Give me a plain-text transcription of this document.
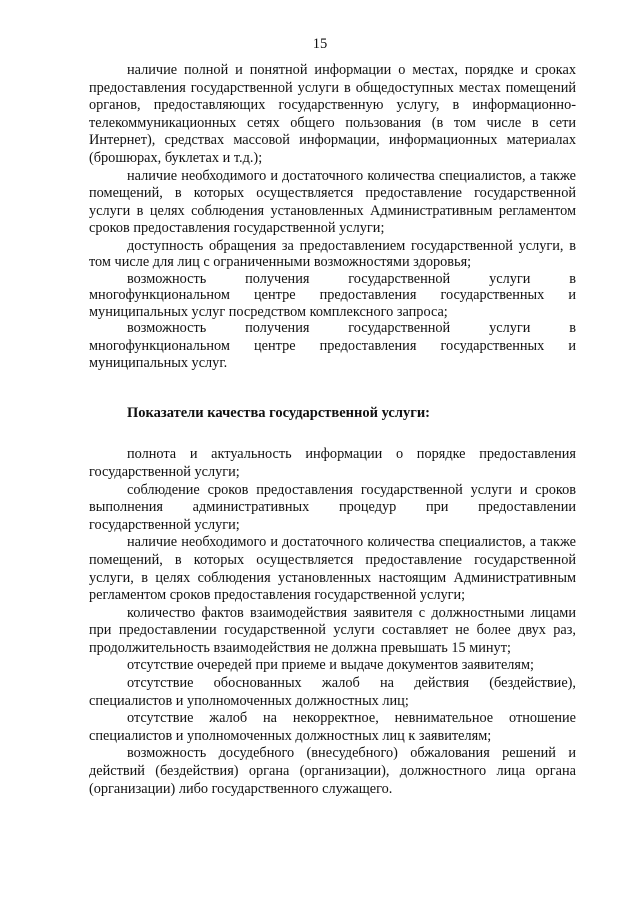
15

наличие полной и понятной информации о местах, порядке и сроках предоставления государственной услуги в общедоступных местах помещений органов, предоставляющих государственную услугу, в информационно-телекоммуникационных сетях общего пользования (в том числе в сети Интернет), средствах массовой информации, информационных материалах (брошюрах, буклетах и т.д.);

наличие необходимого и достаточного количества специалистов, а также помещений, в которых осуществляется предоставление государственной услуги в целях соблюдения установленных Административным регламентом сроков предоставления государственной услуги;

доступность обращения за предоставлением государственной услуги, в том числе для лиц с ограниченными возможностями здоровья;

возможность получения государственной услуги в многофункциональном центре предоставления государственных и муниципальных услуг посредством комплексного запроса;

возможность получения государственной услуги в многофункциональном центре предоставления государственных и муниципальных услуг.

Показатели качества государственной услуги:

полнота и актуальность информации о порядке предоставления государственной услуги;

соблюдение сроков предоставления государственной услуги и сроков выполнения административных процедур при предоставлении государственной услуги;

наличие необходимого и достаточного количества специалистов, а также помещений, в которых осуществляется предоставление государственной услуги, в целях соблюдения установленных настоящим Административным регламентом сроков предоставления государственной услуги;

количество фактов взаимодействия заявителя с должностными лицами при предоставлении государственной услуги составляет не более двух раз, продолжительность взаимодействия не должна превышать 15 минут;

отсутствие очередей при приеме и выдаче документов заявителям;

отсутствие обоснованных жалоб на действия (бездействие), специалистов и уполномоченных должностных лиц;

отсутствие жалоб на некорректное, невнимательное отношение специалистов и уполномоченных должностных лиц к заявителям;

возможность досудебного (внесудебного) обжалования решений и действий (бездействия) органа (организации), должностного лица органа (организации) либо государственного служащего.
